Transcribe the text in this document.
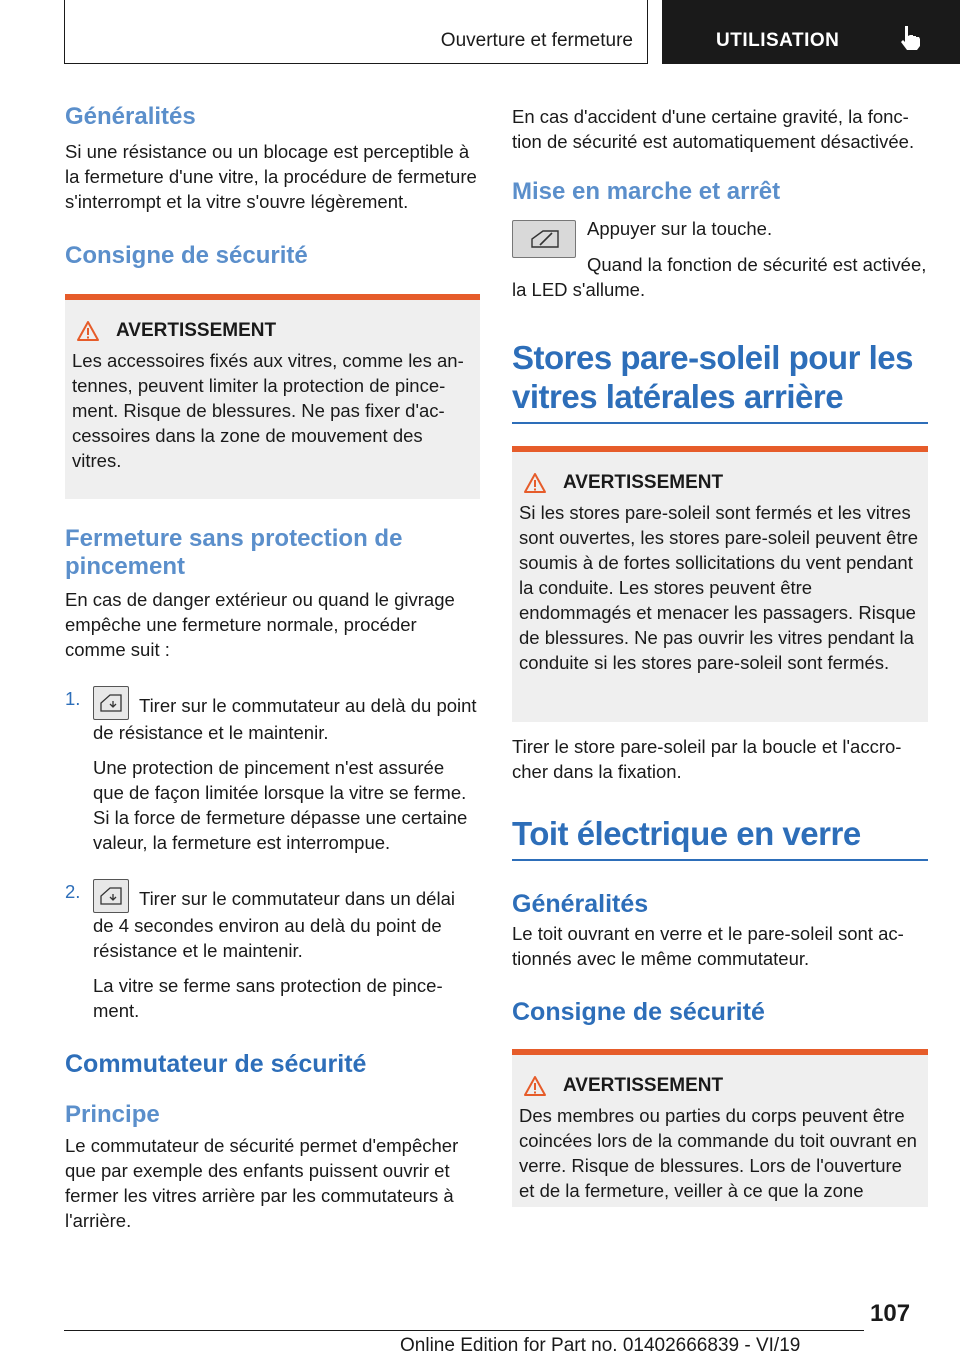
Ouverture et fermeture	UTILISATION
Généralités

Si une résistance ou un blocage est perceptible à la fermeture d'une vitre, la procédure de fermeture s'interrompt et la vitre s'ouvre légèrement.

Consigne de sécurité
AVERTISSEMENT

Les accessoires fixés aux vitres, comme les antennes, peuvent limiter la protection de pincement. Risque de blessures. Ne pas fixer d'accessoires dans la zone de mouvement des vitres.

Fermeture sans protection de pincement

En cas de danger extérieur ou quand le givrage empêche une fermeture normale, procéder comme suit :

1.	Tirer sur le commutateur au delà du point de résistance et le maintenir.

Une protection de pincement n'est assurée que de façon limitée lorsque la vitre se ferme. Si la force de fermeture dépasse une certaine valeur, la fermeture est interrompue.

2.	Tirer sur le commutateur dans un délai de 4 secondes environ au delà du point de résistance et le maintenir.

La vitre se ferme sans protection de pincement.

Commutateur de sécurité
Principe

Le commutateur de sécurité permet d'empêcher que par exemple des enfants puissent ouvrir et fermer les vitres arrière par les commutateurs à l'arrière.

En cas d'accident d'une certaine gravité, la fonction de sécurité est automatiquement désactivée.

Mise en marche et arrêt

Appuyer sur la touche.

Quand la fonction de sécurité est activée, la LED s'allume.

Stores pare-soleil pour les vitres latérales arrière
AVERTISSEMENT

Si les stores pare-soleil sont fermés et les vitres sont ouvertes, les stores pare-soleil peuvent être soumis à de fortes sollicitations du vent pendant la conduite. Les stores peuvent être endommagés et menacer les passagers. Risque de blessures. Ne pas ouvrir les vitres pendant la conduite si les stores pare-soleil sont fermés.

Tirer le store pare-soleil par la boucle et l'accrocher dans la fixation.

Toit électrique en verre
Généralités

Le toit ouvrant en verre et le pare-soleil sont actionnés avec le même commutateur.

Consigne de sécurité
AVERTISSEMENT

Des membres ou parties du corps peuvent être coincées lors de la commande du toit ouvrant en verre. Risque de blessures. Lors de l'ouverture et de la fermeture, veiller à ce que la zone

107
Online Edition for Part no. 01402666839 - VI/19
